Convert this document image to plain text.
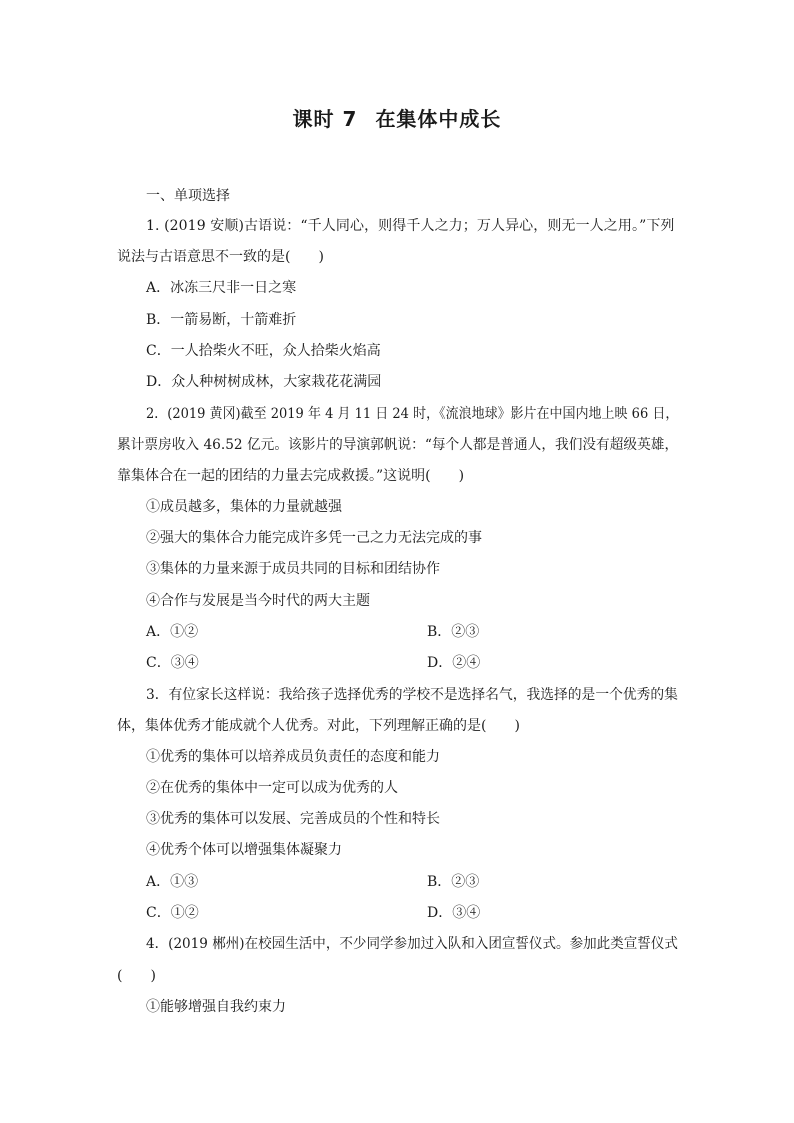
课时 7 在集体中成长
一、单项选择
1. (2019 安顺)古语说：“千人同心，则得千人之力；万人异心，则无一人之用。”下列
说法与古语意思不一致的是(　　)
A．冰冻三尺非一日之寒
B．一箭易断，十箭难折
C．一人拾柴火不旺，众人拾柴火焰高
D．众人种树树成林，大家栽花花满园
2．(2019 黄冈)截至 2019 年 4 月 11 日 24 时，《流浪地球》影片在中国内地上映 66 日，
累计票房收入 46.52 亿元。该影片的导演郭帆说：“每个人都是普通人，我们没有超级英雄，
靠集体合在一起的团结的力量去完成救援。”这说明(　　)
①成员越多，集体的力量就越强
②强大的集体合力能完成许多凭一己之力无法完成的事
③集体的力量来源于成员共同的目标和团结协作
④合作与发展是当今时代的两大主题
A．①②	B．②③
C．③④	D．②④
3．有位家长这样说：我给孩子选择优秀的学校不是选择名气，我选择的是一个优秀的集
体，集体优秀才能成就个人优秀。对此，下列理解正确的是(　　)
①优秀的集体可以培养成员负责任的态度和能力
②在优秀的集体中一定可以成为优秀的人
③优秀的集体可以发展、完善成员的个性和特长
④优秀个体可以增强集体凝聚力
A．①③	B．②③
C．①②	D．③④
4．(2019 郴州)在校园生活中，不少同学参加过入队和入团宣誓仪式。参加此类宣誓仪式
(　　)
①能够增强自我约束力
